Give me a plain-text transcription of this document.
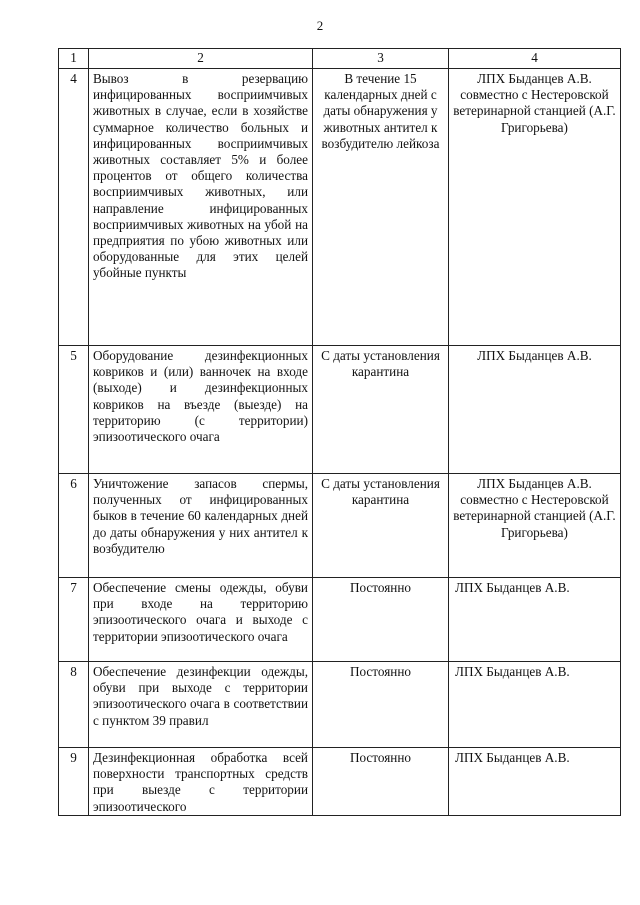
2
1	2	3	4
4	Вывоз в резервацию инфицированных восприимчивых животных в случае, если в хозяйстве суммарное количество больных и инфицированных восприимчивых животных составляет 5% и более процентов от общего количества восприимчивых животных, или направление инфицированных восприимчивых животных на убой на предприятия по убою животных или оборудованные для этих целей убойные пункты	В течение 15 календарных дней с даты обнаружения у животных антител к возбудителю лейкоза	ЛПХ Быданцев А.В. совместно с Нестеровской ветеринарной станцией (А.Г. Григорьева)
5	Оборудование дезинфекционных ковриков и (или) ванночек на входе (выходе) и дезинфекционных ковриков на въезде (выезде) на территорию (с территории) эпизоотического очага	С даты установления карантина	ЛПХ Быданцев А.В.
6	Уничтожение запасов спермы, полученных от инфицированных быков в течение 60 календарных дней до даты обнаружения у них антител к возбудителю	С даты установления карантина	ЛПХ Быданцев А.В. совместно с Нестеровской ветеринарной станцией (А.Г. Григорьева)
7	Обеспечение смены одежды, обуви при входе на территорию эпизоотического очага и выходе с территории эпизоотического очага	Постоянно	ЛПХ Быданцев А.В.
8	Обеспечение дезинфекции одежды, обуви при выходе с территории эпизоотического очага в соответствии с пунктом 39 правил	Постоянно	ЛПХ Быданцев А.В.
9	Дезинфекционная обработка всей поверхности транспортных средств при выезде с территории эпизоотического	Постоянно	ЛПХ Быданцев А.В.
